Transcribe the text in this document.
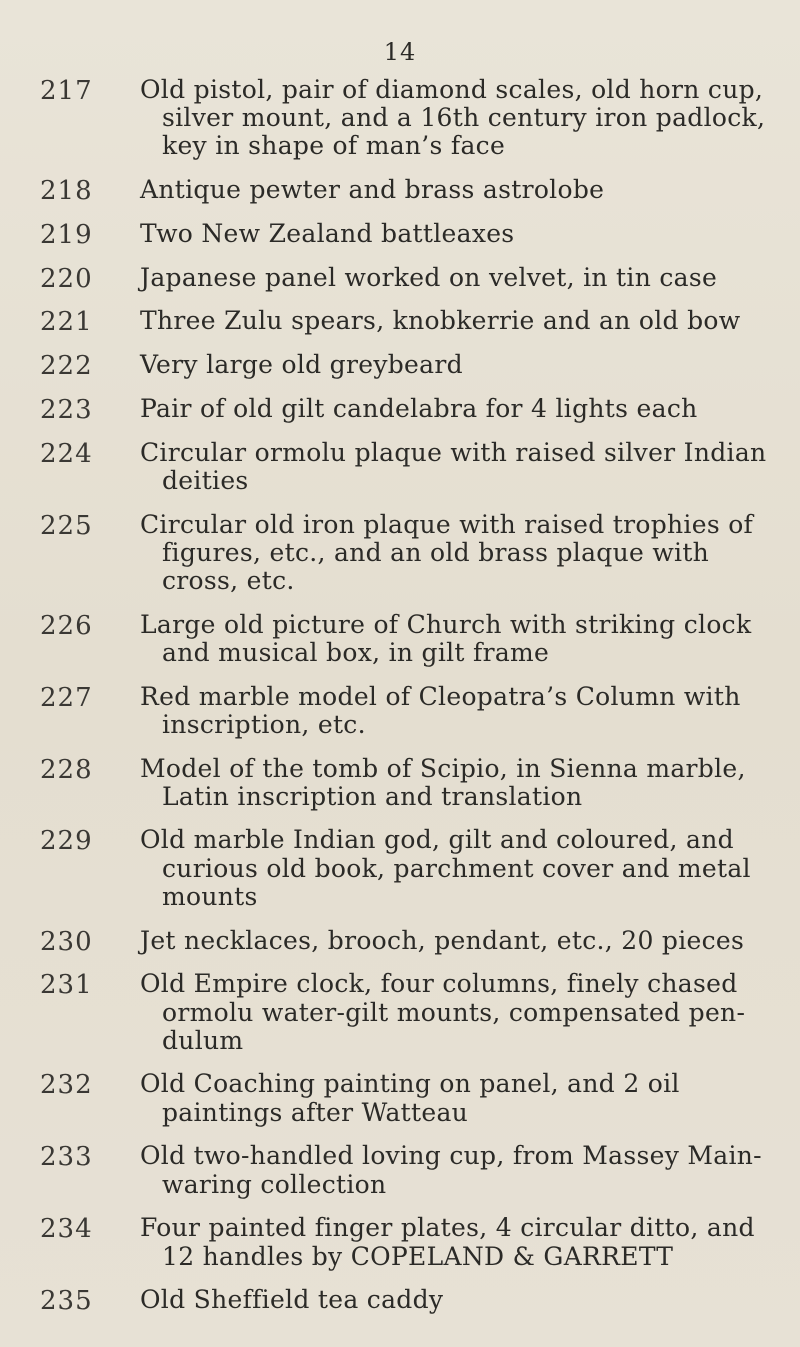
14
217 Old pistol, pair of diamond scales, old horn cup,
silver mount, and a 16th century iron padlock,
key in shape of man’s face
218 Antique pewter and brass astrolobe
219 Two New Zealand battleaxes
220 Japanese panel worked on velvet, in tin case
221 Three Zulu spears, knobkerrie and an old bow
222 Very large old greybeard
223 Pair of old gilt candelabra for 4 lights each
224 Circular ormolu plaque with raised silver Indian
deities
225 Circular old iron plaque with raised trophies of
figures, etc., and an old brass plaque with
cross, etc.
226 Large old picture of Church with striking clock
and musical box, in gilt frame
227 Red marble model of Cleopatra’s Column with
inscription, etc.
228 Model of the tomb of Scipio, in Sienna marble,
Latin inscription and translation
229 Old marble Indian god, gilt and coloured, and
curious old book, parchment cover and metal
mounts
230 Jet necklaces, brooch, pendant, etc., 20 pieces
231 Old Empire clock, four columns, finely chased
ormolu water-gilt mounts, compensated pen-
dulum
232 Old Coaching painting on panel, and 2 oil
paintings after Watteau
233 Old two-handled loving cup, from Massey Main-
waring collection
234 Four painted finger plates, 4 circular ditto, and
12 handles by COPELAND & GARRETT
235 Old Sheffield tea caddy
